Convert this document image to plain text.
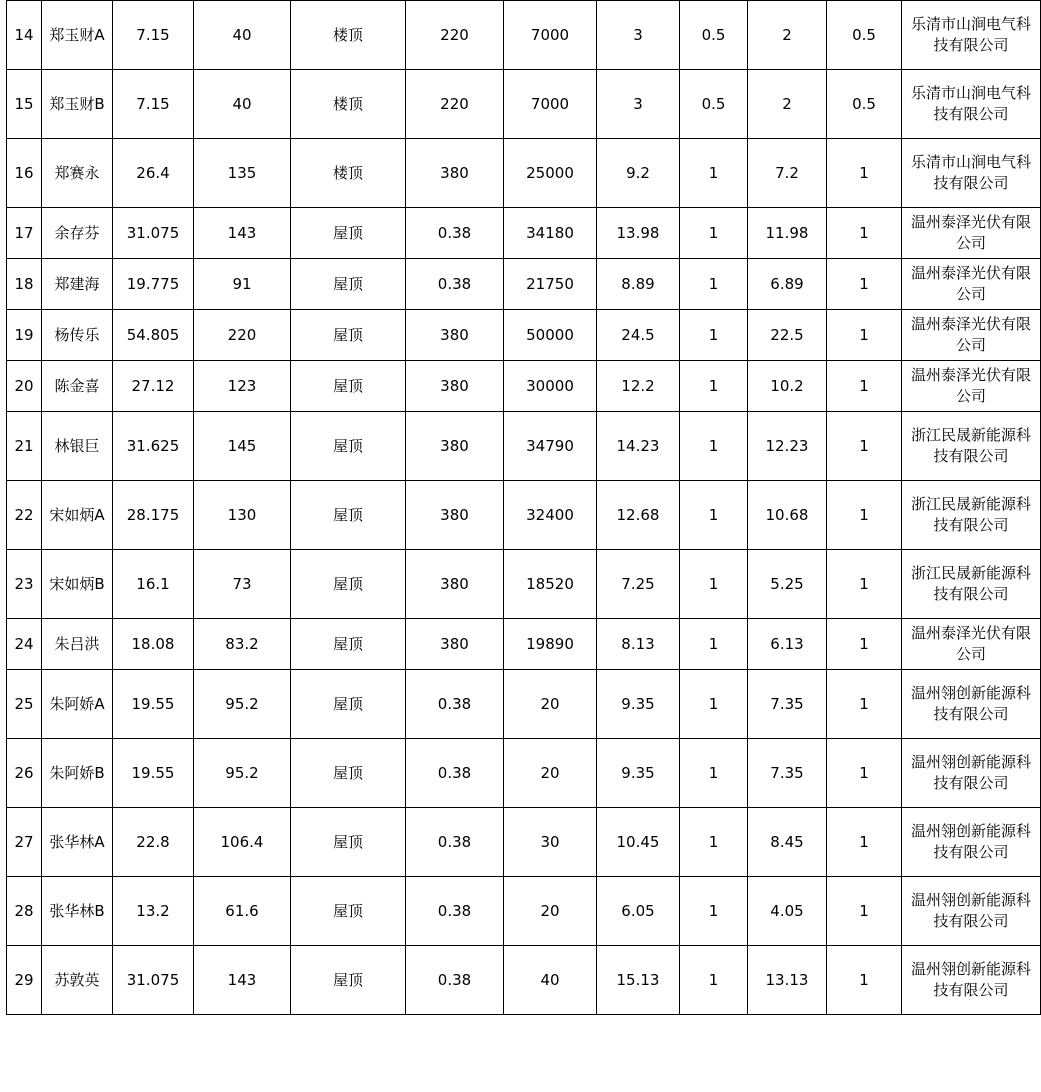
14	郑玉财A	7.15	40	楼顶	220	7000	3	0.5	2	0.5	乐清市山涧电气科技有限公司
15	郑玉财B	7.15	40	楼顶	220	7000	3	0.5	2	0.5	乐清市山涧电气科技有限公司
16	郑赛永	26.4	135	楼顶	380	25000	9.2	1	7.2	1	乐清市山涧电气科技有限公司
17	余存芬	31.075	143	屋顶	0.38	34180	13.98	1	11.98	1	温州泰泽光伏有限公司
18	郑建海	19.775	91	屋顶	0.38	21750	8.89	1	6.89	1	温州泰泽光伏有限公司
19	杨传乐	54.805	220	屋顶	380	50000	24.5	1	22.5	1	温州泰泽光伏有限公司
20	陈金喜	27.12	123	屋顶	380	30000	12.2	1	10.2	1	温州泰泽光伏有限公司
21	林银巨	31.625	145	屋顶	380	34790	14.23	1	12.23	1	浙江民晟新能源科技有限公司
22	宋如炳A	28.175	130	屋顶	380	32400	12.68	1	10.68	1	浙江民晟新能源科技有限公司
23	宋如炳B	16.1	73	屋顶	380	18520	7.25	1	5.25	1	浙江民晟新能源科技有限公司
24	朱吕洪	18.08	83.2	屋顶	380	19890	8.13	1	6.13	1	温州泰泽光伏有限公司
25	朱阿娇A	19.55	95.2	屋顶	0.38	20	9.35	1	7.35	1	温州翎创新能源科技有限公司
26	朱阿娇B	19.55	95.2	屋顶	0.38	20	9.35	1	7.35	1	温州翎创新能源科技有限公司
27	张华林A	22.8	106.4	屋顶	0.38	30	10.45	1	8.45	1	温州翎创新能源科技有限公司
28	张华林B	13.2	61.6	屋顶	0.38	20	6.05	1	4.05	1	温州翎创新能源科技有限公司
29	苏敦英	31.075	143	屋顶	0.38	40	15.13	1	13.13	1	温州翎创新能源科技有限公司
